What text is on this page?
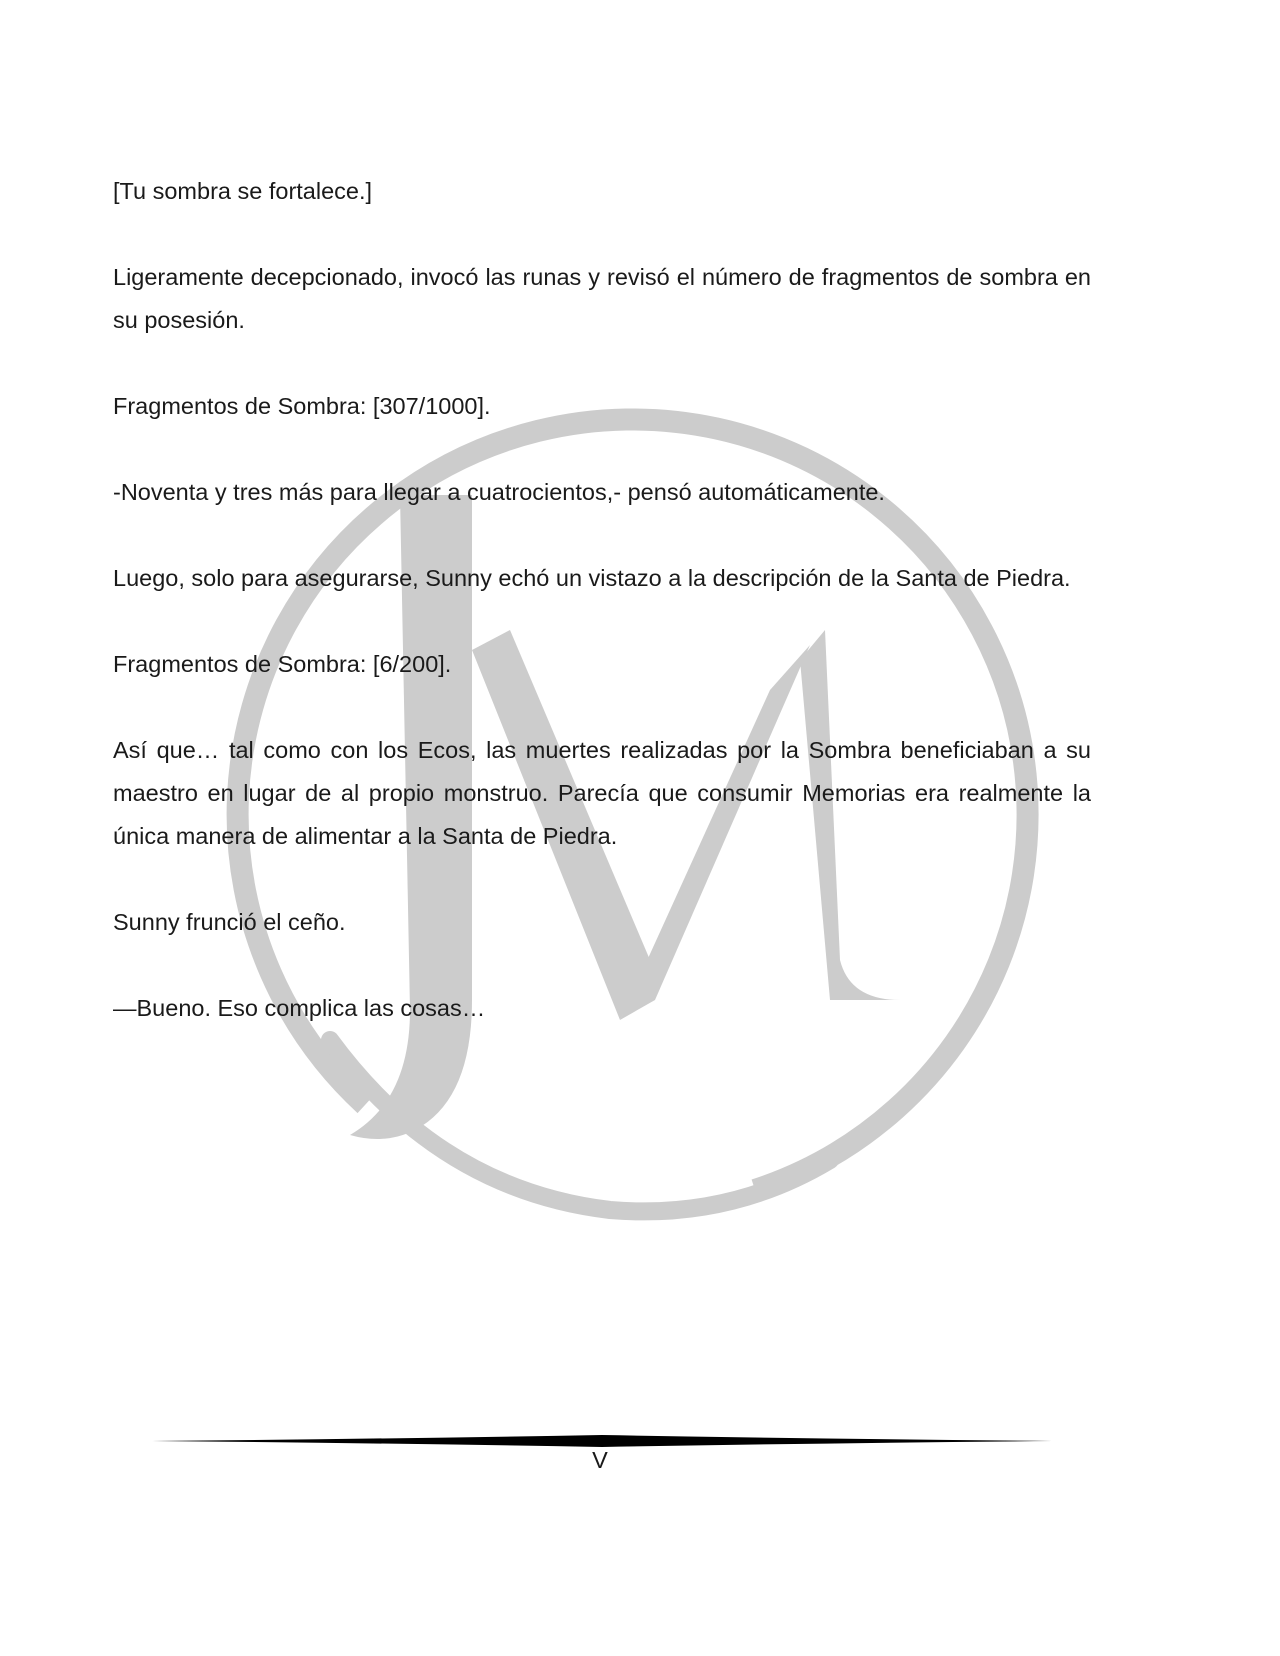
[Tu sombra se fortalece.]

Ligeramente decepcionado, invocó las runas y revisó el número de fragmentos de sombra en su posesión.

Fragmentos de Sombra: [307/1000].

-Noventa y tres más para llegar a cuatrocientos,- pensó automáticamente.

Luego, solo para asegurarse, Sunny echó un vistazo a la descripción de la Santa de Piedra.

Fragmentos de Sombra: [6/200].

Así que… tal como con los Ecos, las muertes realizadas por la Sombra beneficiaban a su maestro en lugar de al propio monstruo. Parecía que consumir Memorias era realmente la única manera de alimentar a la Santa de Piedra.

Sunny frunció el ceño.

—Bueno. Eso complica las cosas…

V
